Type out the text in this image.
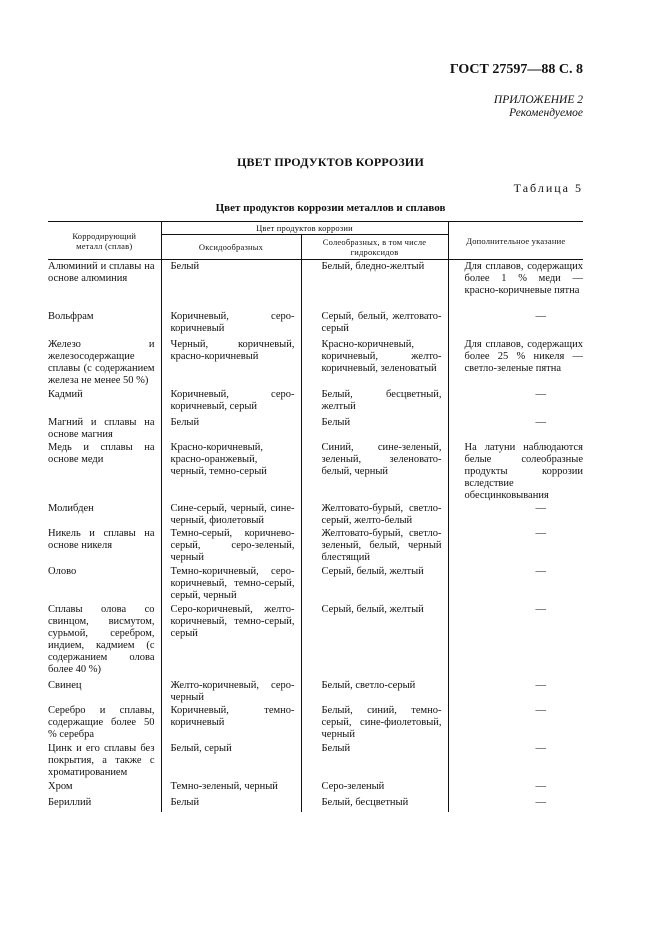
ГОСТ 27597—88 С. 8
ПРИЛОЖЕНИЕ 2
Рекомендуемое
ЦВЕТ ПРОДУКТОВ КОРРОЗИИ
Таблица 5
Цвет продуктов коррозии металлов и сплавов
Корродирующий металл (сплав)	Цвет продуктов коррозии		Дополнительное указание
	Оксидообразных	Солеобразных, в том числе гидроксидов	
Алюминий и сплавы на основе алюминия	Белый	Белый, бледно-желтый	Для сплавов, содержащих более 1 % меди — красно-коричневые пятна
Вольфрам	Коричневый, серо-коричневый	Серый, белый, желтовато-серый	—
Железо и железосодержащие сплавы (с содержанием железа не менее 50 %)	Черный, коричневый, красно-коричневый	Красно-коричневый, коричневый, желто-коричневый, зеленоватый	Для сплавов, содержащих более 25 % никеля — светло-зеленые пятна
Кадмий	Коричневый, серо-коричневый, серый	Белый, бесцветный, желтый	—
Магний и сплавы на основе магния	Белый	Белый	—
Медь и сплавы на основе меди	Красно-коричневый, красно-оранжевый, черный, темно-серый	Синий, сине-зеленый, зеленый, зеленовато-белый, черный	На латуни наблюдаются белые солеобразные продукты коррозии вследствие обесцинковывания
Молибден	Сине-серый, черный, сине-черный, фиолетовый	Желтовато-бурый, светло-серый, желто-белый	—
Никель и сплавы на основе никеля	Темно-серый, коричнево-серый, серо-зеленый, черный	Желтовато-бурый, светло-зеленый, белый, черный блестящий	—
Олово	Темно-коричневый, серо-коричневый, темно-серый, серый, черный	Серый, белый, желтый	—
Сплавы олова со свинцом, висмутом, сурьмой, серебром, индием, кадмием (с содержанием олова более 40 %)	Серо-коричневый, желто-коричневый, темно-серый, серый	Серый, белый, желтый	—
Свинец	Желто-коричневый, серо-черный	Белый, светло-серый	—
Серебро и сплавы, содержащие более 50 % серебра	Коричневый, темно-коричневый	Белый, синий, темно-серый, сине-фиолетовый, черный	—
Цинк и его сплавы без покрытия, а также с хроматированием	Белый, серый	Белый	—
Хром	Темно-зеленый, черный	Серо-зеленый	—
Бериллий	Белый	Белый, бесцветный	—
